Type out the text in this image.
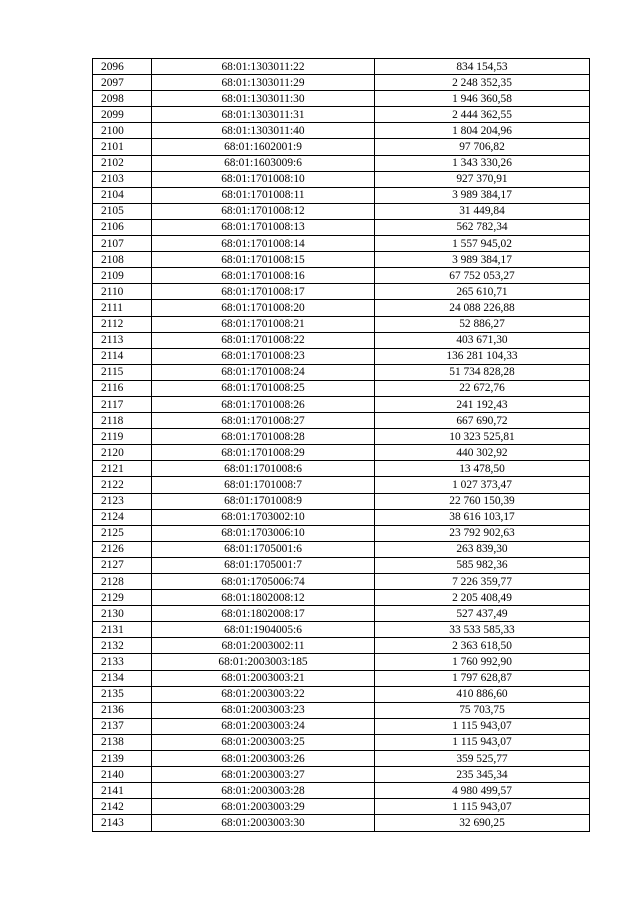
2096	68:01:1303011:22	834 154,53
2097	68:01:1303011:29	2 248 352,35
2098	68:01:1303011:30	1 946 360,58
2099	68:01:1303011:31	2 444 362,55
2100	68:01:1303011:40	1 804 204,96
2101	68:01:1602001:9	97 706,82
2102	68:01:1603009:6	1 343 330,26
2103	68:01:1701008:10	927 370,91
2104	68:01:1701008:11	3 989 384,17
2105	68:01:1701008:12	31 449,84
2106	68:01:1701008:13	562 782,34
2107	68:01:1701008:14	1 557 945,02
2108	68:01:1701008:15	3 989 384,17
2109	68:01:1701008:16	67 752 053,27
2110	68:01:1701008:17	265 610,71
2111	68:01:1701008:20	24 088 226,88
2112	68:01:1701008:21	52 886,27
2113	68:01:1701008:22	403 671,30
2114	68:01:1701008:23	136 281 104,33
2115	68:01:1701008:24	51 734 828,28
2116	68:01:1701008:25	22 672,76
2117	68:01:1701008:26	241 192,43
2118	68:01:1701008:27	667 690,72
2119	68:01:1701008:28	10 323 525,81
2120	68:01:1701008:29	440 302,92
2121	68:01:1701008:6	13 478,50
2122	68:01:1701008:7	1 027 373,47
2123	68:01:1701008:9	22 760 150,39
2124	68:01:1703002:10	38 616 103,17
2125	68:01:1703006:10	23 792 902,63
2126	68:01:1705001:6	263 839,30
2127	68:01:1705001:7	585 982,36
2128	68:01:1705006:74	7 226 359,77
2129	68:01:1802008:12	2 205 408,49
2130	68:01:1802008:17	527 437,49
2131	68:01:1904005:6	33 533 585,33
2132	68:01:2003002:11	2 363 618,50
2133	68:01:2003003:185	1 760 992,90
2134	68:01:2003003:21	1 797 628,87
2135	68:01:2003003:22	410 886,60
2136	68:01:2003003:23	75 703,75
2137	68:01:2003003:24	1 115 943,07
2138	68:01:2003003:25	1 115 943,07
2139	68:01:2003003:26	359 525,77
2140	68:01:2003003:27	235 345,34
2141	68:01:2003003:28	4 980 499,57
2142	68:01:2003003:29	1 115 943,07
2143	68:01:2003003:30	32 690,25
